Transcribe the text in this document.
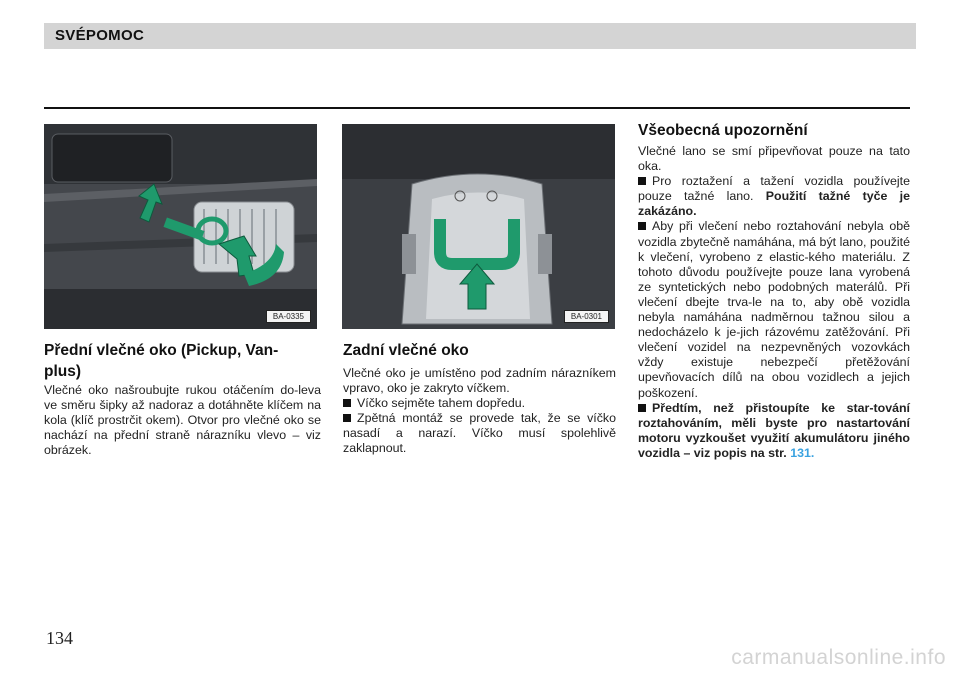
SVÉPOMOC
BA-0335	BA-0301
Přední vlečné oko (Pickup, Van-
plus)

Vlečné oko našroubujte rukou otáčením do-leva ve směru šipky až nadoraz a dotáhněte klíčem na kola (klíč prostrčit okem). Otvor pro vlečné oko se nachází na přední straně nárazníku vlevo – viz obrázek.

Zadní vlečné oko

Vlečné oko je umístěno pod zadním nárazníkem vpravo, oko je zakryto víčkem.

Víčko sejměte tahem dopředu.

Zpětná montáž se provede tak, že se víčko nasadí a narazí. Víčko musí spolehlivě zaklapnout.

Všeobecná upozornění

Vlečné lano se smí připevňovat pouze na tato oka.

Pro roztažení a tažení vozidla používejte pouze tažné lano. Použití tažné tyče je zakázáno.

Aby při vlečení nebo roztahování nebyla obě vozidla zbytečně namáhána, má být lano, použité k vlečení, vyrobeno z elastic-kého materiálu. Z tohoto důvodu používejte pouze lana vyrobená ze syntetických nebo podobných materálů. Při vlečení dbejte trva-le na to, aby obě vozidla nebyla namáhána nadměrnou tažnou silou a nedocházelo k je-jich rázovému zatěžování. Při vlečení vozidel na nezpevněných vozovkách vždy existuje nebezpečí přetěžování upevňovacích dílů na obou vozidlech a jejich poškození.

Předtím, než přistoupíte ke star-tování roztahováním, měli byste pro nastartování motoru vyzkoušet využití akumulátoru jiného vozidla – viz popis na str. 131.

134
carmanualsonline.info
